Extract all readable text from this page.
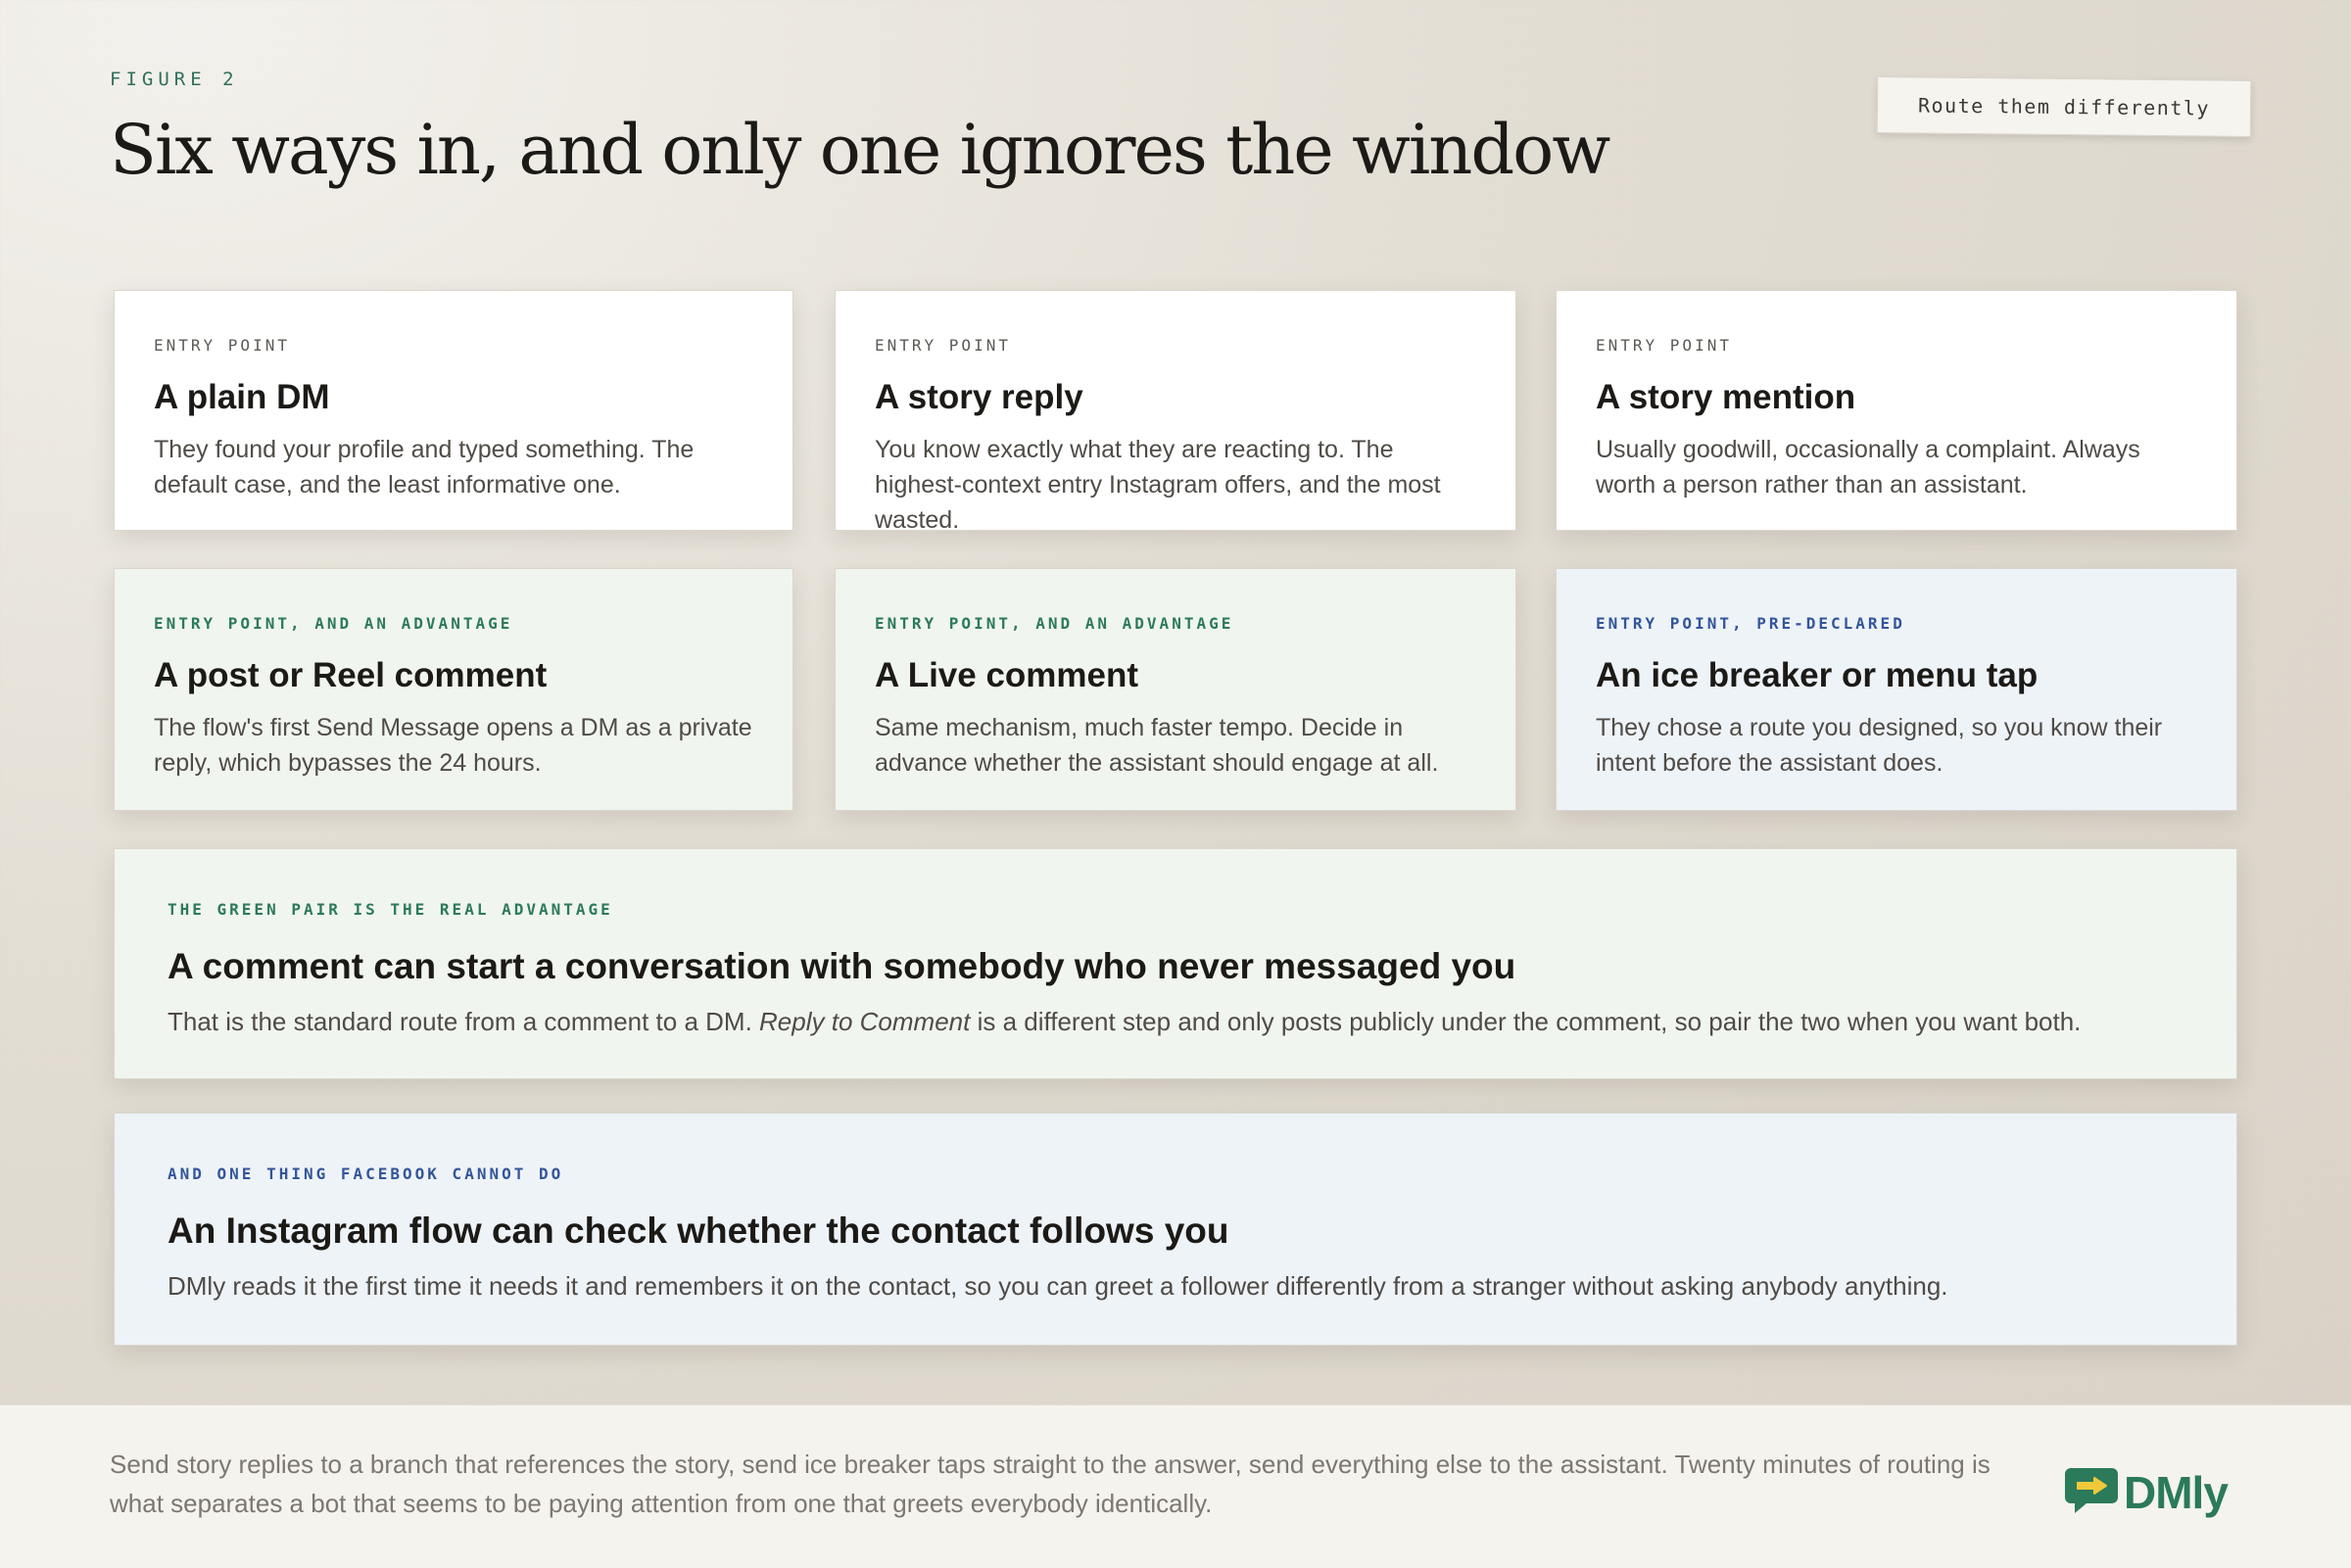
FIGURE 2

Six ways in, and only one ignores the window
Route them differently

ENTRY POINT

A plain DM

They found your profile and typed something. The default case, and the least informative one.

ENTRY POINT

A story reply

You know exactly what they are reacting to. The highest-context entry Instagram offers, and the most wasted.

ENTRY POINT

A story mention

Usually goodwill, occasionally a complaint. Always worth a person rather than an assistant.

ENTRY POINT, AND AN ADVANTAGE

A post or Reel comment

The flow's first Send Message opens a DM as a private reply, which bypasses the 24 hours.

ENTRY POINT, AND AN ADVANTAGE

A Live comment

Same mechanism, much faster tempo. Decide in advance whether the assistant should engage at all.

ENTRY POINT, PRE-DECLARED

An ice breaker or menu tap

They chose a route you designed, so you know their intent before the assistant does.

THE GREEN PAIR IS THE REAL ADVANTAGE

A comment can start a conversation with somebody who never messaged you

That is the standard route from a comment to a DM. Reply to Comment is a different step and only posts publicly under the comment, so pair the two when you want both.

AND ONE THING FACEBOOK CANNOT DO

An Instagram flow can check whether the contact follows you

DMly reads it the first time it needs it and remembers it on the contact, so you can greet a follower differently from a stranger without asking anybody anything.

Send story replies to a branch that references the story, send ice breaker taps straight to the answer, send everything else to the assistant. Twenty minutes of routing is what separates a bot that seems to be paying attention from one that greets everybody identically.	DMly
